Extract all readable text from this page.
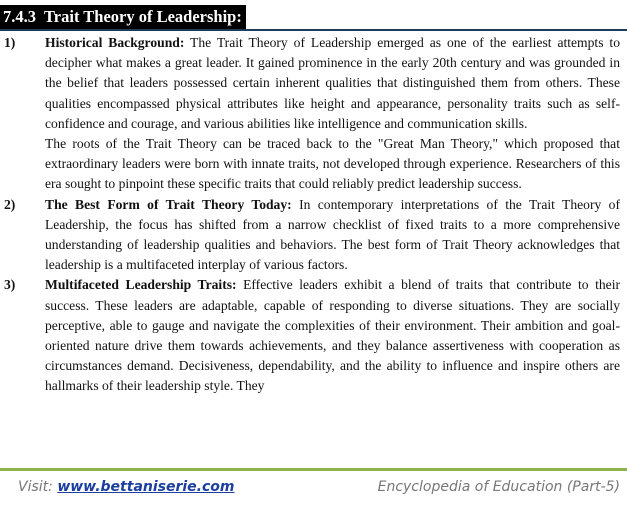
7.4.3 Trait Theory of Leadership:
1) Historical Background: The Trait Theory of Leadership emerged as one of the earliest attempts to decipher what makes a great leader. It gained prominence in the early 20th century and was grounded in the belief that leaders possessed certain inherent qualities that distinguished them from others. These qualities encompassed physical attributes like height and appearance, personality traits such as self-confidence and courage, and various abilities like intelligence and communication skills.

The roots of the Trait Theory can be traced back to the "Great Man Theory," which proposed that extraordinary leaders were born with innate traits, not developed through experience. Researchers of this era sought to pinpoint these specific traits that could reliably predict leadership success.

2) The Best Form of Trait Theory Today: In contemporary interpretations of the Trait Theory of Leadership, the focus has shifted from a narrow checklist of fixed traits to a more comprehensive understanding of leadership qualities and behaviors. The best form of Trait Theory acknowledges that leadership is a multifaceted interplay of various factors.

3) Multifaceted Leadership Traits: Effective leaders exhibit a blend of traits that contribute to their success. These leaders are adaptable, capable of responding to diverse situations. They are socially perceptive, able to gauge and navigate the complexities of their environment. Their ambition and goal-oriented nature drive them towards achievements, and they balance assertiveness with cooperation as circumstances demand. Decisiveness, dependability, and the ability to influence and inspire others are hallmarks of their leadership style. They

Visit: www.bettaniserie.com	Encyclopedia of Education (Part-5)
